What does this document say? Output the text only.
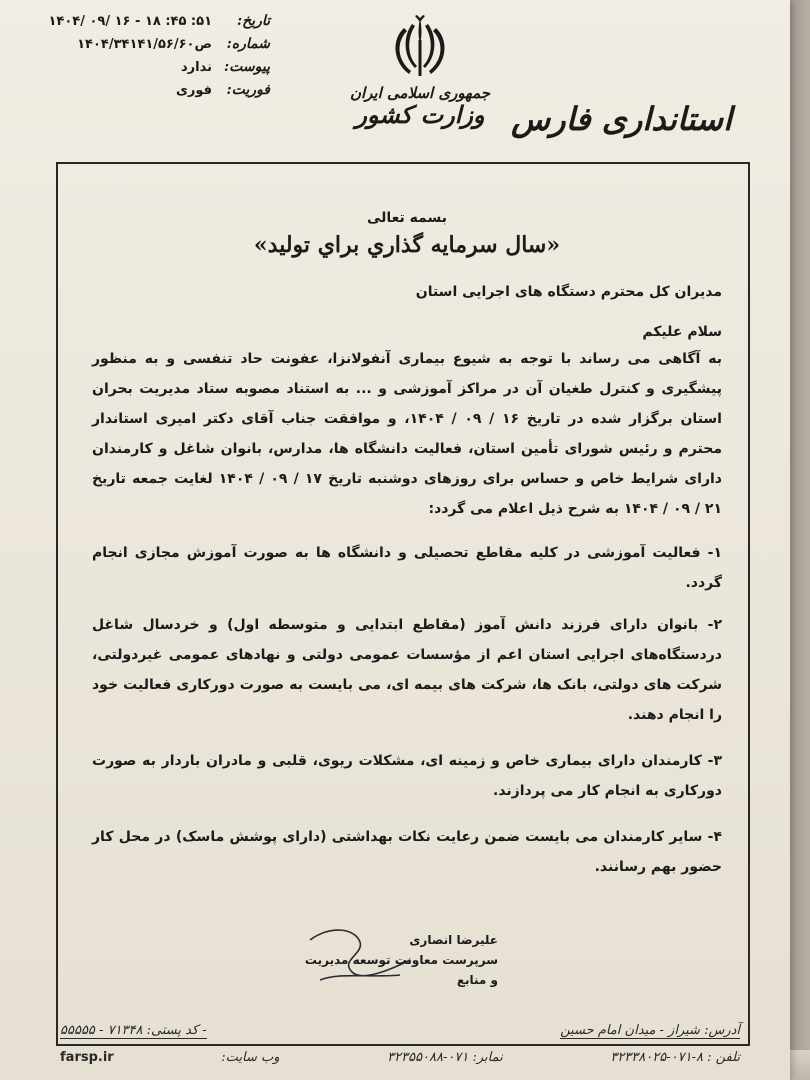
تاریخ:
۱۴۰۴/ ۰۹/ ۱۶ - ۱۸ :۴۵ :۵۱
شماره:
ص۱۴۰۴/۳۴۱۴۱/۵۶/۶۰
پیوست:
ندارد
فوریت:
فوری	جمهوری اسلامی ایران
وزارت کشور استانداری فارس

بسمه تعالی

«سال سرمایه گذاري براي توليد»

مدیران کل محترم دستگاه های اجرایی استان

سلام علیکم

به آگاهی می رساند با توجه به شیوع بیماری آنفولانزا، عفونت حاد تنفسی و به منظور پیشگیری و کنترل طغیان آن در مراکز آموزشی و ... به استناد مصوبه ستاد مدیریت بحران استان برگزار شده در تاریخ ۱۶ / ۰۹ / ۱۴۰۴، و موافقت جناب آقای دکتر امیری استاندار محترم و رئیس شورای تأمین استان، فعالیت دانشگاه ها، مدارس، بانوان شاغل و کارمندان دارای شرایط خاص و حساس برای روزهای دوشنبه تاریخ ۱۷ / ۰۹ / ۱۴۰۴ لغایت جمعه تاریخ ۲۱ / ۰۹ / ۱۴۰۴ به شرح ذیل اعلام می گردد:

۱- فعالیت آموزشی در کلیه مقاطع تحصیلی و دانشگاه ها به صورت آموزش مجازی انجام گردد.

۲- بانوان دارای فرزند دانش آموز (مقاطع ابتدایی و متوسطه اول) و خردسال شاغل دردستگاه‌های اجرایی استان اعم از مؤسسات عمومی دولتی و نهادهای عمومی غیردولتی، شرکت های دولتی، بانک ها، شرکت های بیمه ای، می بایست به صورت دورکاری فعالیت خود را انجام دهند.

۳- کارمندان دارای بیماری خاص و زمینه ای، مشکلات ریوی، قلبی و مادران باردار به صورت دورکاری به انجام کار می پردازند.

۴- سایر کارمندان می بایست ضمن رعایت نکات بهداشتی (دارای پوشش ماسک) در محل کار حضور بهم رسانند.

علیرضا انصاری
سرپرست معاونت توسعه مدیریت و منابع
آدرس: شیراز - میدان امام حسین
- کد پستی: ۷۱۳۴۸ - ۵۵۵۵۵
تلفن : ۸-۰۷۱-۳۲۳۳۸۰۲۵
نمابر: ۰۷۱-۳۲۳۵۵۰۸۸
وب سایت:
farsp.ir
